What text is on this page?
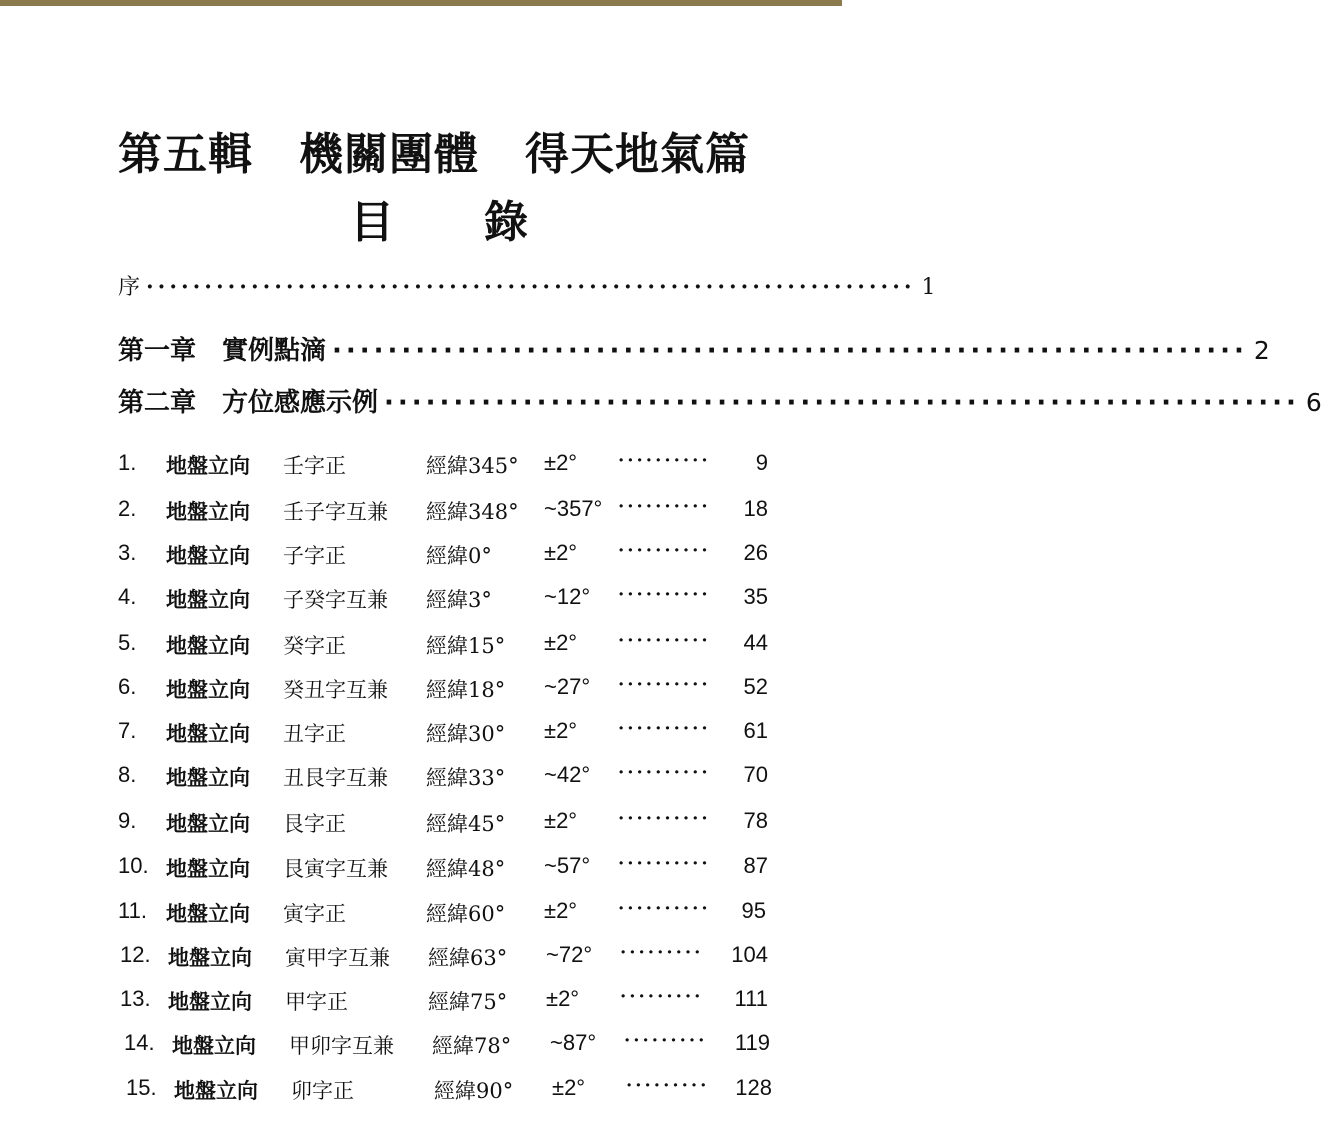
第五輯 機關團體 得天地氣篇
目 錄
序 ·································································· 1
第一章　實例點滴 ·································································· 2
第二章　方位感應示例 ·································································· 6
1. 地盤立向 壬字正	經緯345° ±2° ·········· 9
2. 地盤立向 壬子字互兼 經緯348° ~357° ·········· 18
3. 地盤立向 子字正	經緯0° ±2° ·········· 26
4. 地盤立向 子癸字互兼 經緯3° ~12° ·········· 35
5. 地盤立向 癸字正	經緯15° ±2° ·········· 44
6. 地盤立向 癸丑字互兼 經緯18° ~27° ·········· 52
7. 地盤立向 丑字正	經緯30° ±2° ·········· 61
8. 地盤立向 丑艮字互兼 經緯33° ~42° ·········· 70
9. 地盤立向 艮字正	經緯45° ±2° ·········· 78
10. 地盤立向 艮寅字互兼 經緯48° ~57° ·········· 87
11. 地盤立向 寅字正	經緯60° ±2° ·········· 95
12. 地盤立向 寅甲字互兼 經緯63° ~72° ········· 104
13. 地盤立向 甲字正	經緯75° ±2° ········· 111
14. 地盤立向 甲卯字互兼 經緯78° ~87° ········· 119
15. 地盤立向 卯字正	經緯90° ±2° ········· 128
